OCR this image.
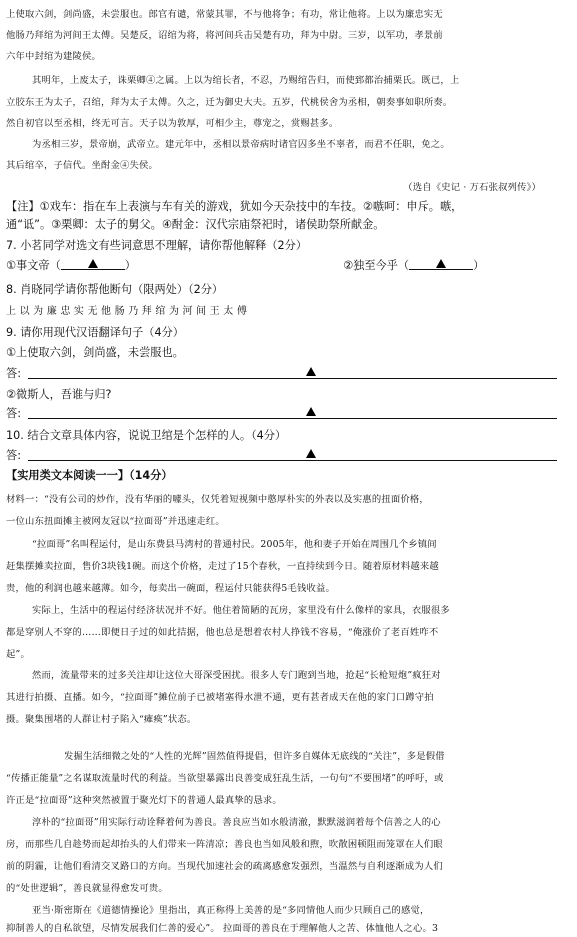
上使取六剑，剑尚盛，未尝服也。郎官有谴，常蒙其罪，不与他将争；有功，常让他将。上以为廉忠实无
他肠乃拜绾为河间王太傅。吴楚反，诏绾为将，将河间兵击吴楚有功，拜为中尉。三岁，以军功，孝景前
六年中封绾为建陵侯。
其明年，上废太子，诛栗卿④之属。上以为绾长者，不忍，乃赐绾告归，而使郅都治捕栗氏。既已，上
立胶东王为太子，召绾，拜为太子太傅。久之，迁为御史大夫。五岁，代桃侯舍为丞相，朝奏事如职所奏。
然自初官以至丞相，终无可言。天子以为敦厚，可相少主，尊宠之，赏赐甚多。
为丞相三岁，景帝崩，武帝立。建元年中，丞相以景帝病时诸官囚多坐不辜者，而君不任职，免之。
其后绾卒，子信代。坐酎金④失侯。
（选自《史记 · 万石张叔列传》）
【注】①戏车：指在车上表演与车有关的游戏，犹如今天杂技中的车技。②嗾呵：申斥。嗾，
通“诋”。③栗卿：太子的舅父。④酎金：汉代宗庙祭祀时，诸侯助祭所献金。
7. 小茗同学对选文有些词意思不理解，请你帮他解释（2分）
①事文帝（	）	②独至今乎（	）
8. 肖晓同学请你帮他断句（限两处）（2分）
上 以 为 廉 忠 实 无 他 肠 乃 拜 绾 为 河 间 王 太 傅
9. 请你用现代汉语翻译句子（4分）
①上使取六剑，剑尚盛，未尝服也。
答:
②微斯人，吾谁与归?
答:
10. 结合文章具体内容，说说卫绾是个怎样的人。（4分）
答:
【实用类文本阅读一一】（14分）
材料一：“没有公司的炒作，没有华丽的噱头，仅凭着短视频中憨厚朴实的外表以及实惠的扭面价格，
一位山东扭面摊主被网友冠以“拉面哥”并迅速走红。
“拉面哥”名叫程运付，是山东费县马湾村的普通村民。2005年，他和妻子开始在周围几个乡镇间
赶集摆摊卖拉面，售价3块钱1碗。而这个价格，走过了15个春秋，一直持续到今日。随着原材料越来越
贵，他的利润也越来越薄。如今，每卖出一碗面，程运付只能获得5毛钱收益。
实际上，生活中的程运付经济状况并不好。他住着简陋的瓦房，家里没有什么像样的家具，衣服很多
都是穿别人不穿的……即便日子过的如此拮据，他也总是想着农村人挣钱不容易，“俺涨价了老百姓咋不
起”。
然而，流量带来的过多关注却让这位大哥深受困扰。很多人专门跑到当地，抢起“长枪短炮”疯狂对
其进行拍摄、直播。如今，“拉面哥”摊位前子已被堵塞得水泄不通，更有甚者成天在他的家门口蹲守拍
摄。聚集围堵的人群让村子陷入“瘫痪”状态。
发掘生活细微之处的“人性的光辉”固然值得提倡，但许多自媒体无底线的“关注”，多是假借
“传播正能量”之名谋取流量时代的利益。当欲望暴露出良善变成狂乱生活，一句句“不要围堵”的呼吁，或
许正是“拉面哥”这种突然被置于聚光灯下的普通人最真挚的恳求。
淳朴的“拉面哥”用实际行动诠释着何为善良。善良应当如水般清澈，默默滋润着每个信善之人的心
房，而那些几自趁势而起却抬头的人们带来一阵清凉；善良也当如风般和煦，吹散困顿阻而笼罩在人们眼
前的阴霾，让他们看清交叉路口的方向。当现代加速社会的疏离感愈发强烈，当温然与自利逐渐成为人们
的“处世逻辑”，善良就显得愈发可贵。
亚当·斯密斯在《道德情操论》里指出，真正称得上美善的是“多同情他人而少只顾自己的感觉，
抑制善人的自私欲望，尽情发展我们仁善的爱心”。 拉面哥的善良在于理解他人之苦、体恤他人之心。3
